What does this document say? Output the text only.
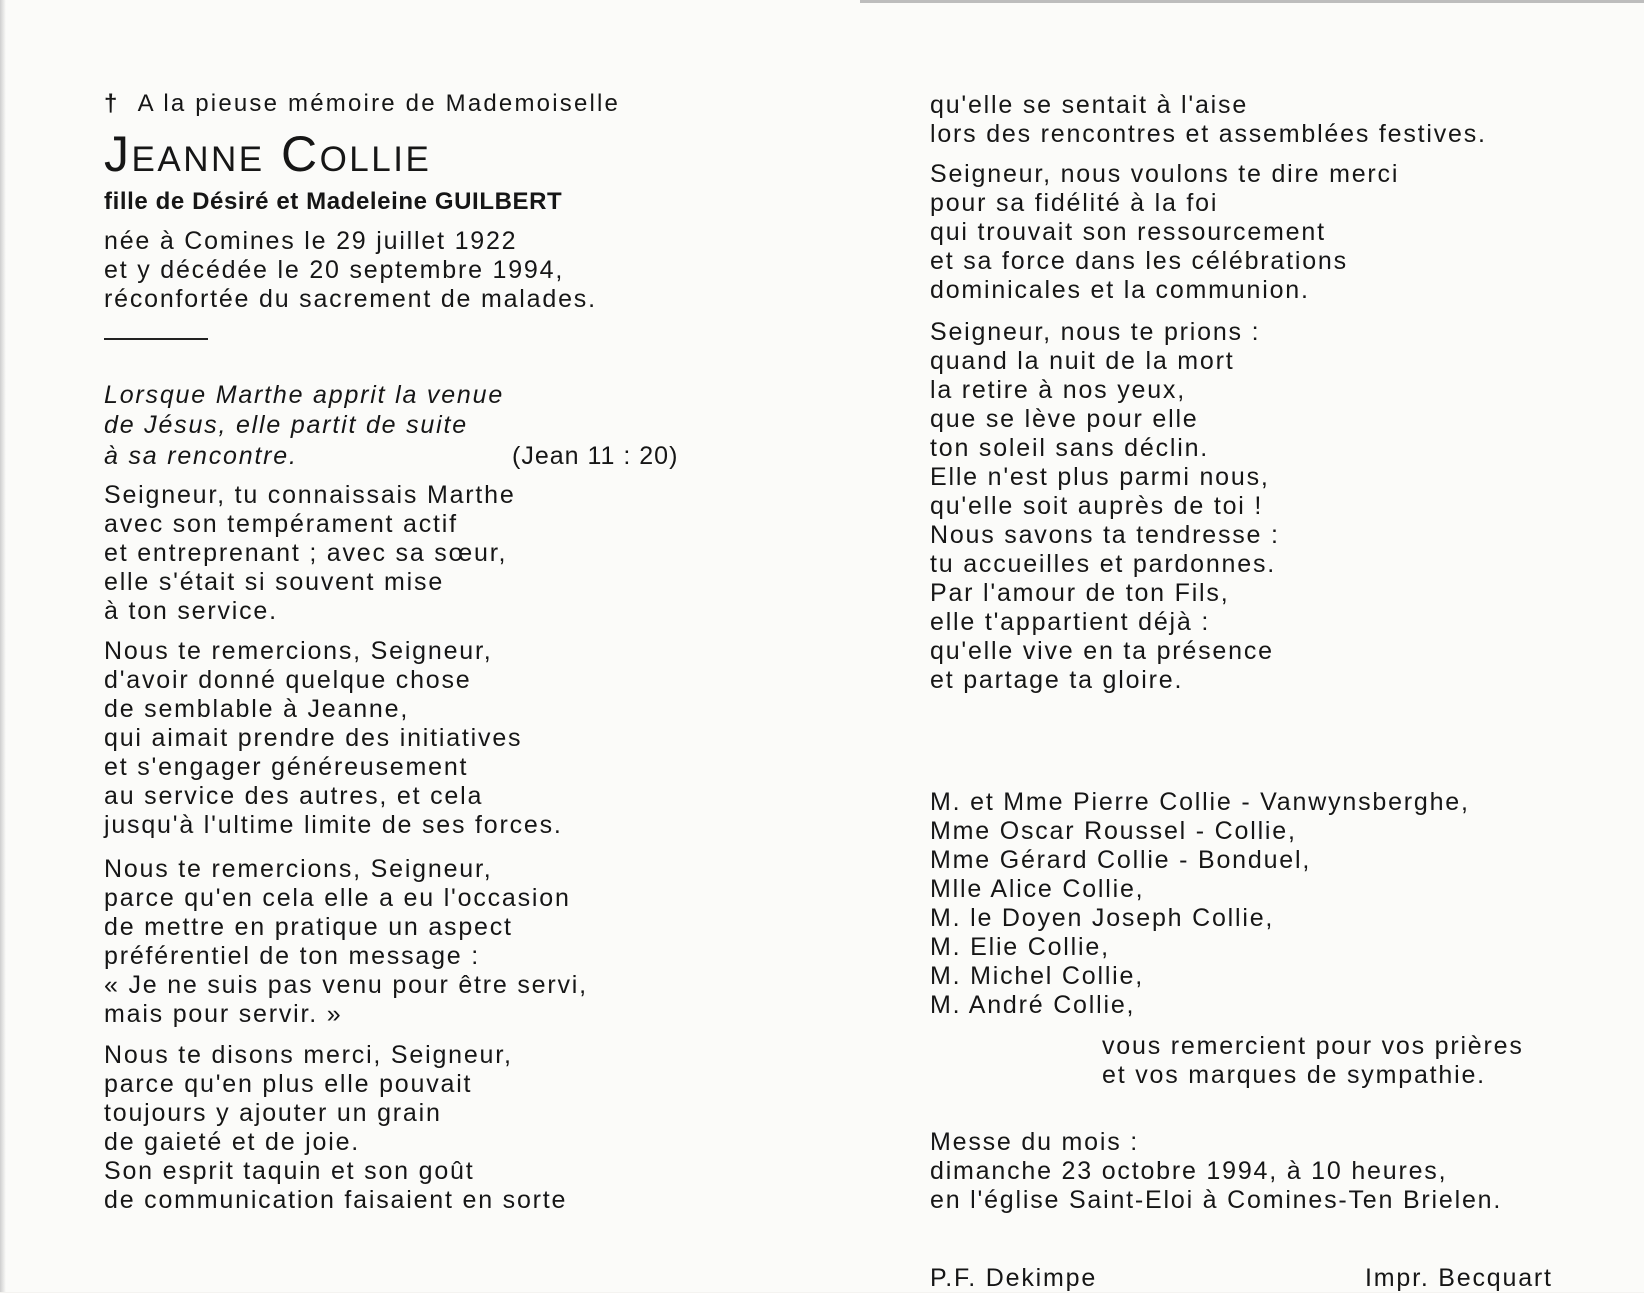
† A la pieuse mémoire de Mademoiselle

Jeanne Collie

fille de Désiré et Madeleine GUILBERT

née à Comines le 29 juillet 1922

et y décédée le 20 septembre 1994,

réconfortée du sacrement de malades.

Lorsque Marthe apprit la venue

de Jésus, elle partit de suite

à sa rencontre.	(Jean 11 : 20)

Seigneur, tu connaissais Marthe

avec son tempérament actif

et entreprenant ; avec sa sœur,

elle s'était si souvent mise

à ton service.

Nous te remercions, Seigneur,

d'avoir donné quelque chose

de semblable à Jeanne,

qui aimait prendre des initiatives

et s'engager généreusement

au service des autres, et cela

jusqu'à l'ultime limite de ses forces.

Nous te remercions, Seigneur,

parce qu'en cela elle a eu l'occasion

de mettre en pratique un aspect

préférentiel de ton message :

« Je ne suis pas venu pour être servi,

mais pour servir. »

Nous te disons merci, Seigneur,

parce qu'en plus elle pouvait

toujours y ajouter un grain

de gaieté et de joie.

Son esprit taquin et son goût

de communication faisaient en sorte

qu'elle se sentait à l'aise

lors des rencontres et assemblées festives.

Seigneur, nous voulons te dire merci

pour sa fidélité à la foi

qui trouvait son ressourcement

et sa force dans les célébrations

dominicales et la communion.

Seigneur, nous te prions :

quand la nuit de la mort

la retire à nos yeux,

que se lève pour elle

ton soleil sans déclin.

Elle n'est plus parmi nous,

qu'elle soit auprès de toi !

Nous savons ta tendresse :

tu accueilles et pardonnes.

Par l'amour de ton Fils,

elle t'appartient déjà :

qu'elle vive en ta présence

et partage ta gloire.

M. et Mme Pierre Collie - Vanwynsberghe,

Mme Oscar Roussel - Collie,

Mme Gérard Collie - Bonduel,

Mlle Alice Collie,

M. le Doyen Joseph Collie,

M. Elie Collie,

M. Michel Collie,

M. André Collie,

vous remercient pour vos prières

et vos marques de sympathie.

Messe du mois :

dimanche 23 octobre 1994, à 10 heures,

en l'église Saint-Eloi à Comines-Ten Brielen.

P.F. Dekimpe	Impr. Becquart
